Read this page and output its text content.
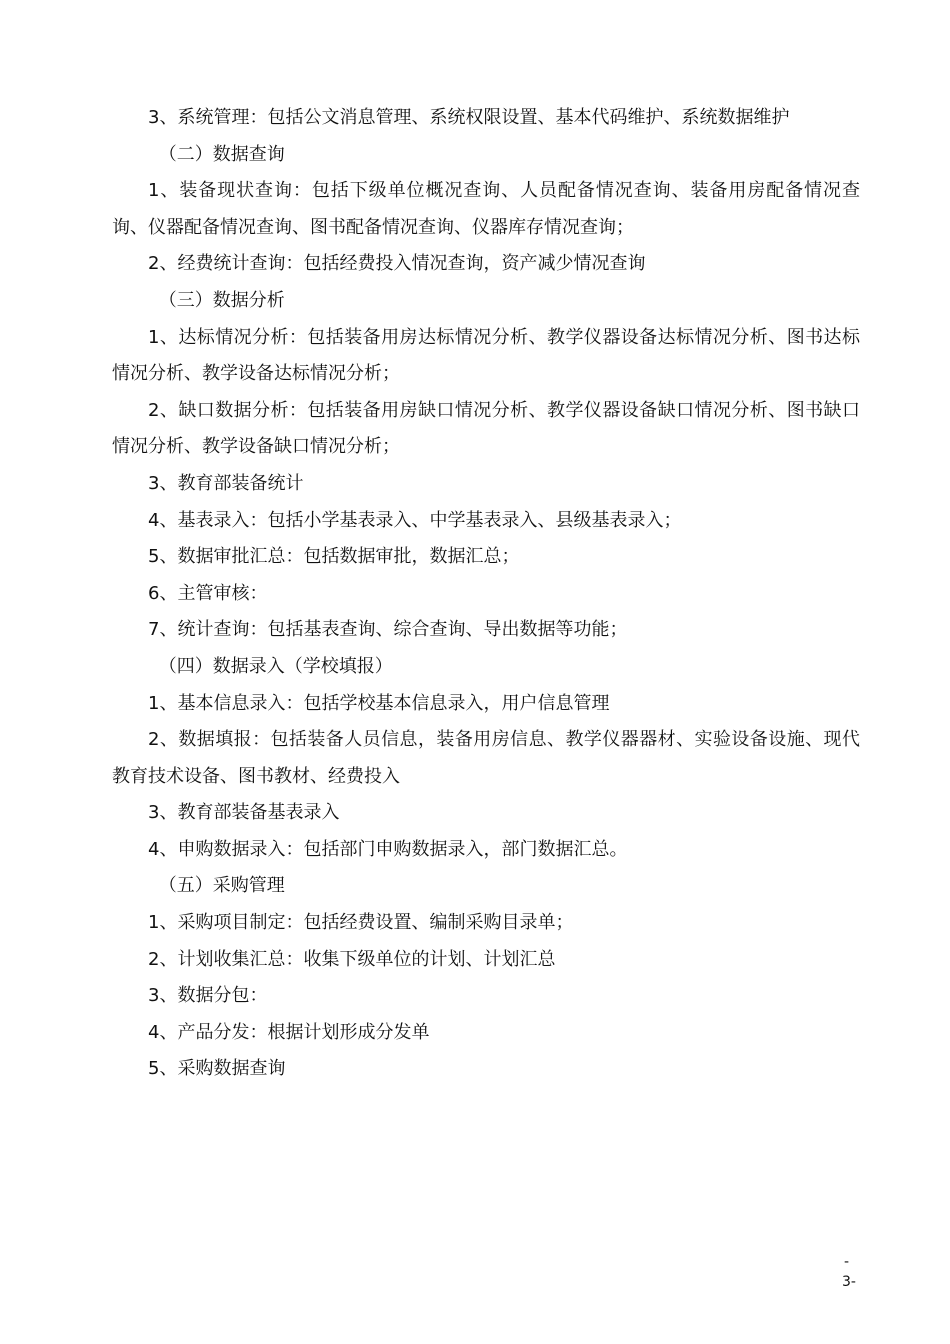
3、系统管理：包括公文消息管理、系统权限设置、基本代码维护、系统数据维护

（二）数据查询

1、装备现状查询：包括下级单位概况查询、人员配备情况查询、装备用房配备情况查询、仪器配备情况查询、图书配备情况查询、仪器库存情况查询；

2、经费统计查询：包括经费投入情况查询，资产减少情况查询

（三）数据分析

1、达标情况分析：包括装备用房达标情况分析、教学仪器设备达标情况分析、图书达标情况分析、教学设备达标情况分析；

2、缺口数据分析：包括装备用房缺口情况分析、教学仪器设备缺口情况分析、图书缺口情况分析、教学设备缺口情况分析；

3、教育部装备统计

4、基表录入：包括小学基表录入、中学基表录入、县级基表录入；

5、数据审批汇总：包括数据审批，数据汇总；

6、主管审核：

7、统计查询：包括基表查询、综合查询、导出数据等功能；

（四）数据录入（学校填报）

1、基本信息录入：包括学校基本信息录入，用户信息管理

2、数据填报：包括装备人员信息，装备用房信息、教学仪器器材、实验设备设施、现代教育技术设备、图书教材、经费投入

3、教育部装备基表录入

4、申购数据录入：包括部门申购数据录入，部门数据汇总。

（五）采购管理

1、采购项目制定：包括经费设置、编制采购目录单；

2、计划收集汇总：收集下级单位的计划、计划汇总

3、数据分包：

4、产品分发：根据计划形成分发单

5、采购数据查询

-
3-
